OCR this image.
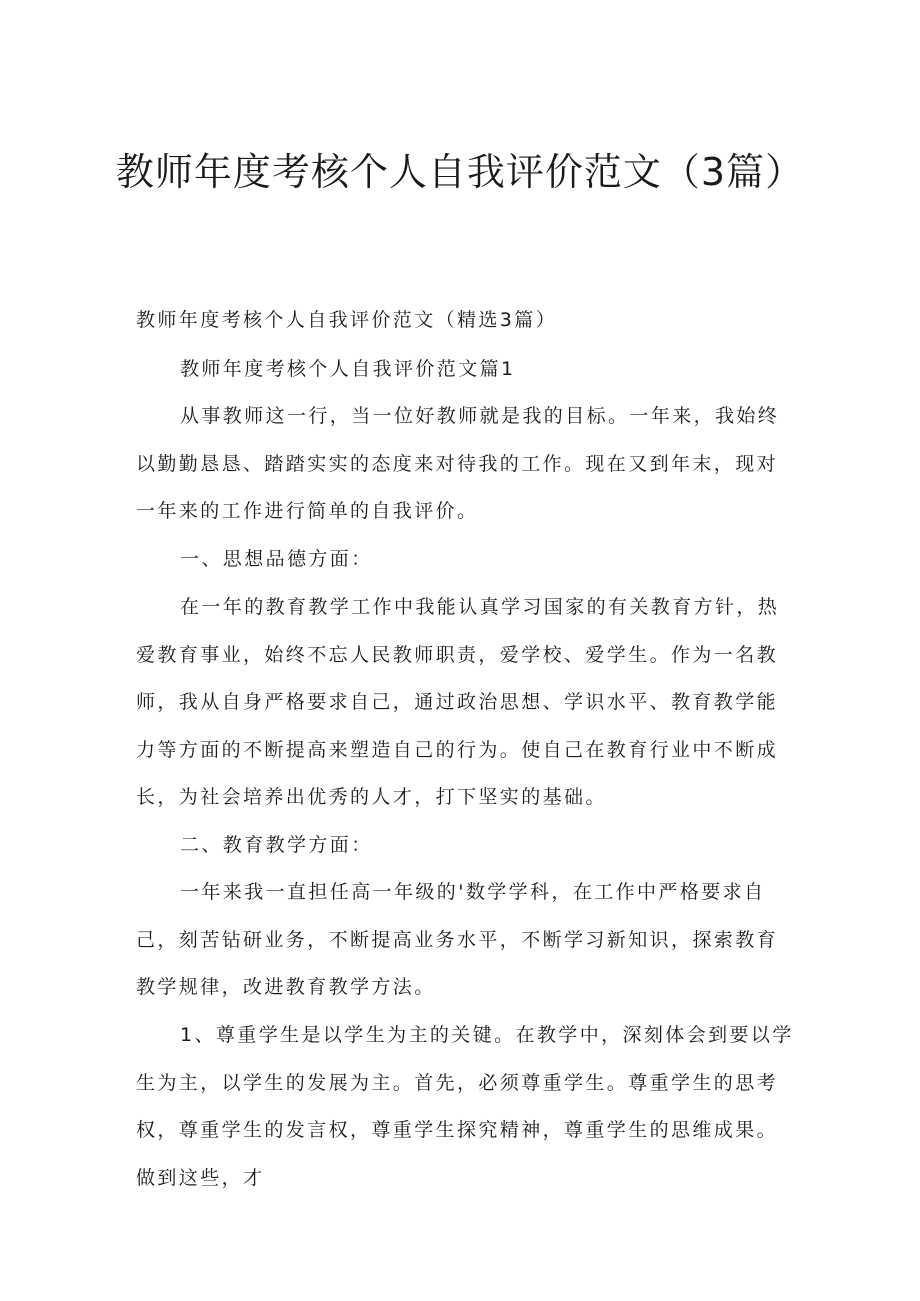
教师年度考核个人自我评价范文（3篇）

教师年度考核个人自我评价范文（精选3篇）

教师年度考核个人自我评价范文篇1

从事教师这一行，当一位好教师就是我的目标。一年来，我始终以勤勤恳恳、踏踏实实的态度来对待我的工作。现在又到年末，现对一年来的工作进行简单的自我评价。

一、思想品德方面：

在一年的教育教学工作中我能认真学习国家的有关教育方针，热爱教育事业，始终不忘人民教师职责，爱学校、爱学生。作为一名教师，我从自身严格要求自己，通过政治思想、学识水平、教育教学能力等方面的不断提高来塑造自己的行为。使自己在教育行业中不断成长，为社会培养出优秀的人才，打下坚实的基础。

二、教育教学方面：

一年来我一直担任高一年级的'数学学科，在工作中严格要求自己，刻苦钻研业务，不断提高业务水平，不断学习新知识，探索教育教学规律，改进教育教学方法。

1、尊重学生是以学生为主的关键。在教学中，深刻体会到要以学生为主，以学生的发展为主。首先，必须尊重学生。尊重学生的思考权，尊重学生的发言权，尊重学生探究精神，尊重学生的思维成果。做到这些，才
